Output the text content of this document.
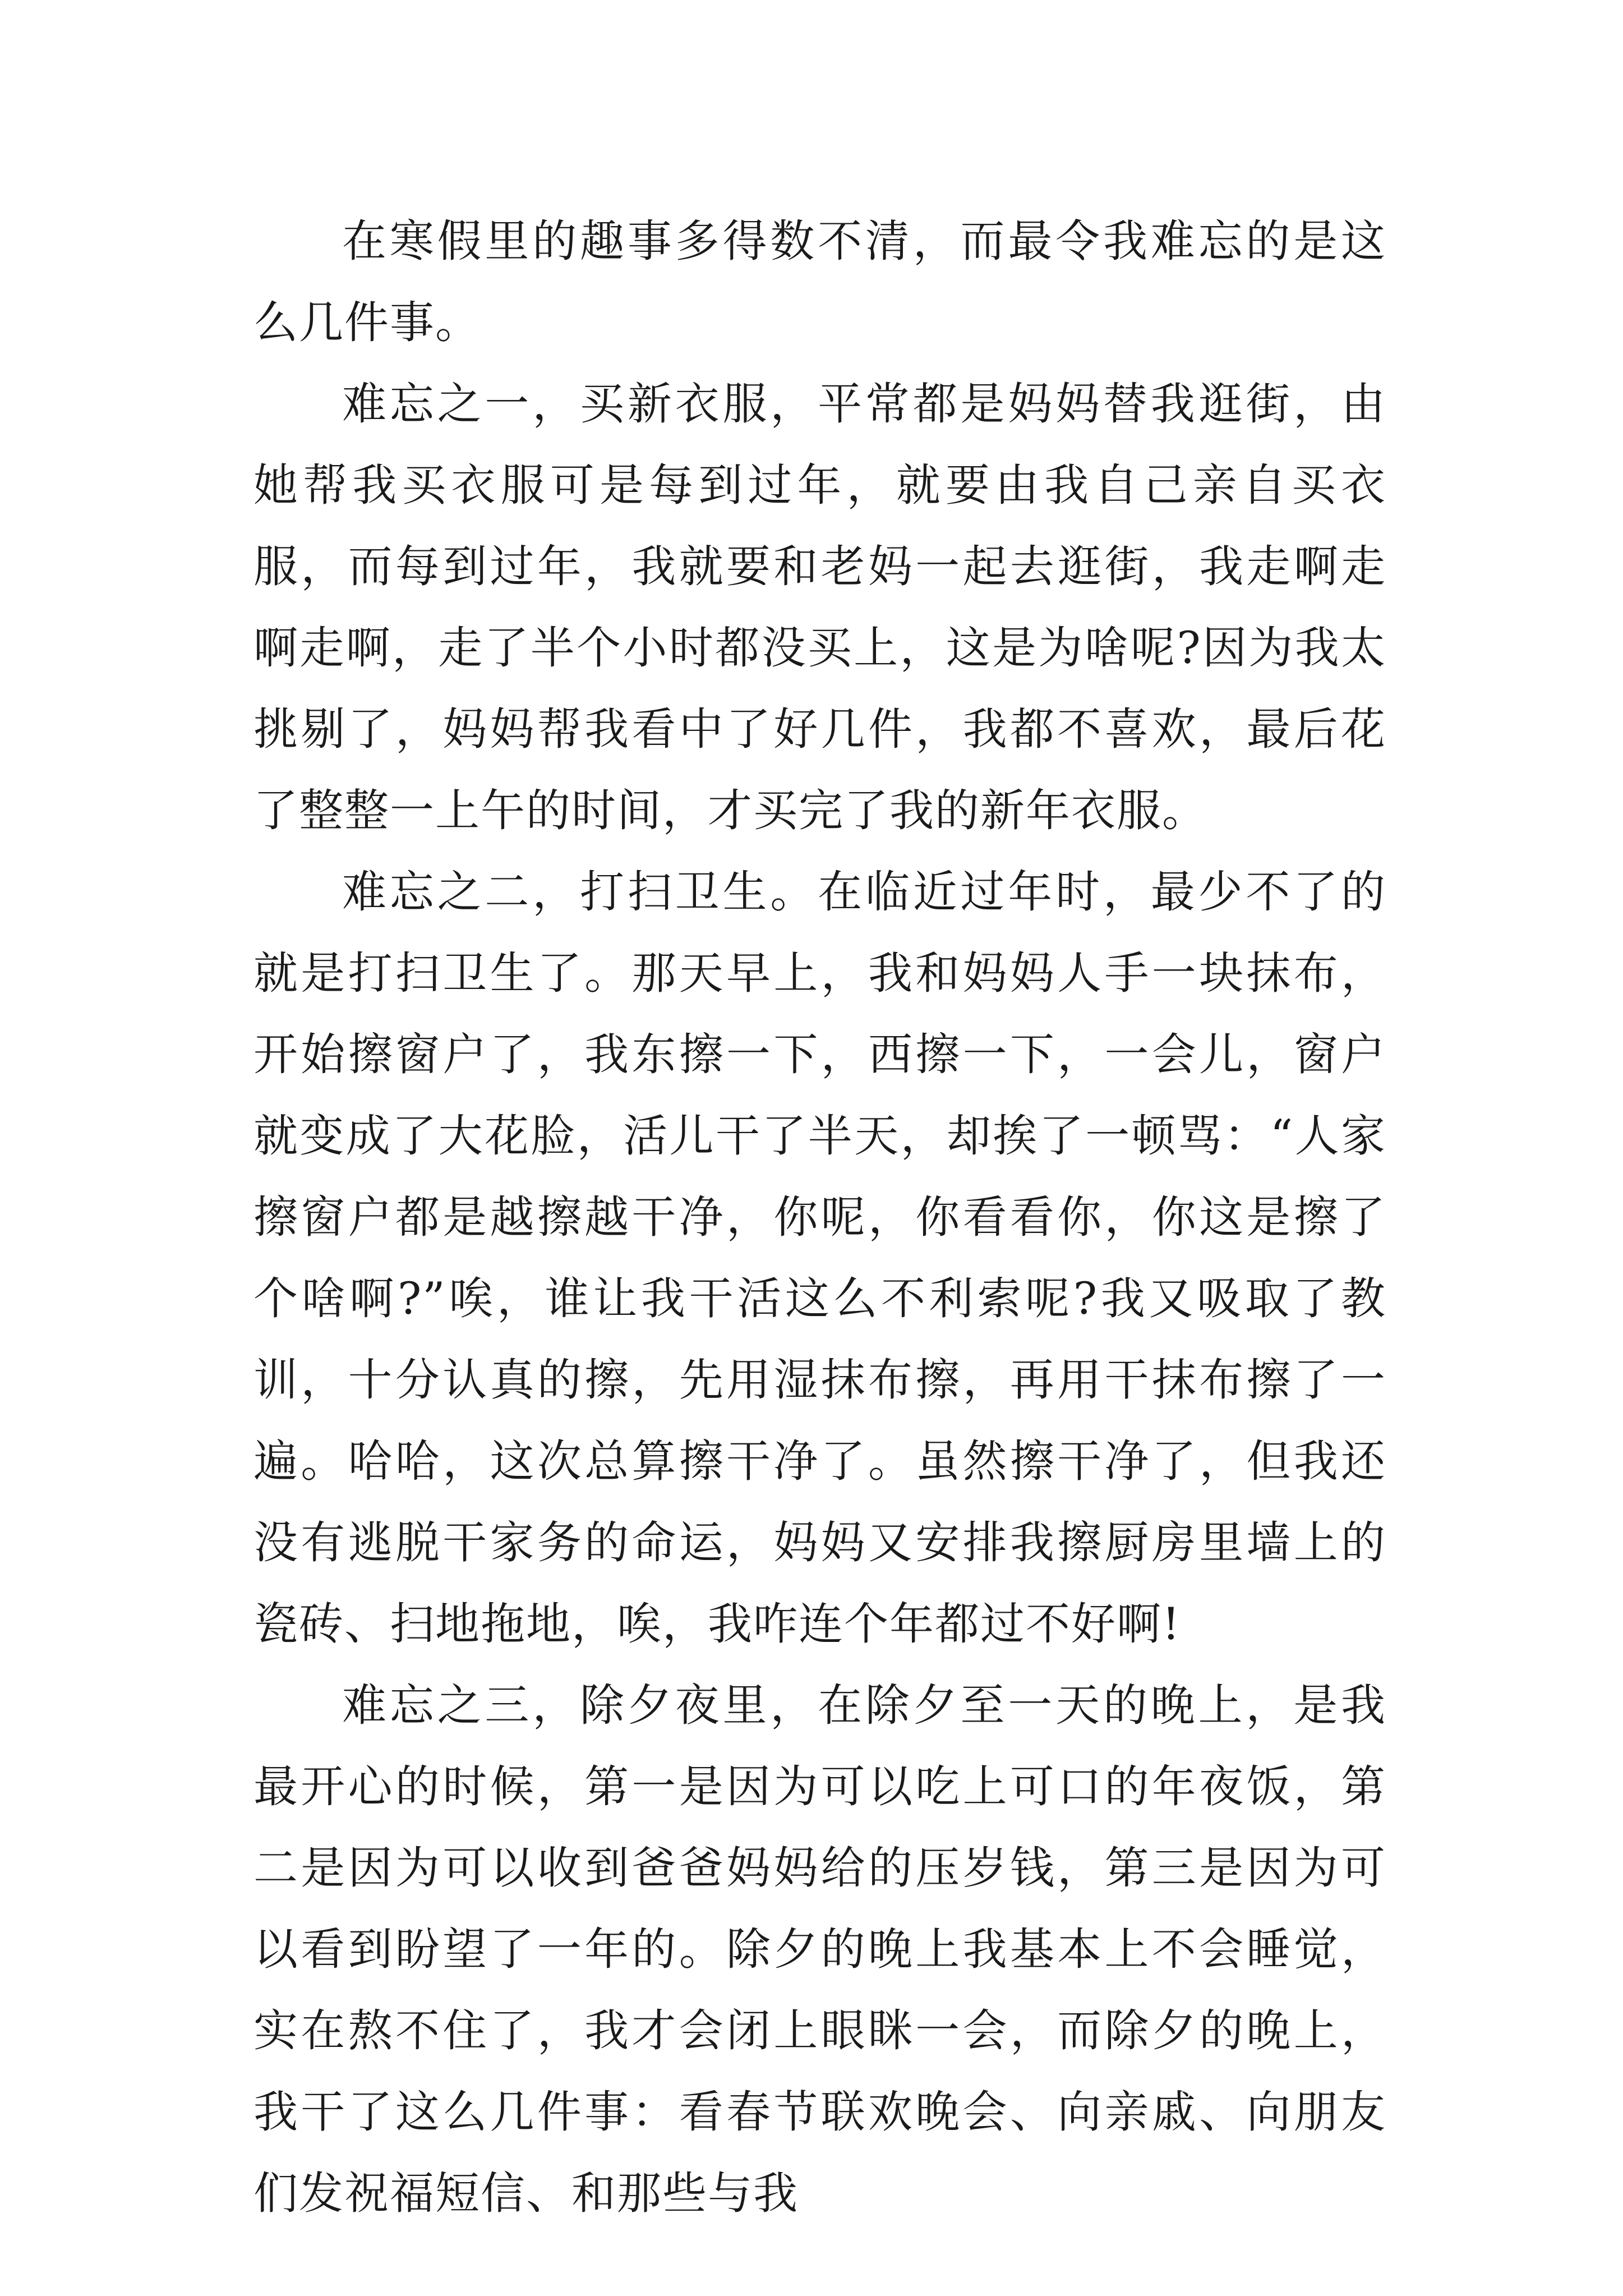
在寒假里的趣事多得数不清，而最令我难忘的是这么几件事。

难忘之一，买新衣服，平常都是妈妈替我逛街，由她帮我买衣服可是每到过年，就要由我自己亲自买衣服，而每到过年，我就要和老妈一起去逛街，我走啊走啊走啊，走了半个小时都没买上，这是为啥呢?因为我太挑剔了，妈妈帮我看中了好几件，我都不喜欢，最后花了整整一上午的时间，才买完了我的新年衣服。

难忘之二，打扫卫生。在临近过年时，最少不了的就是打扫卫生了。那天早上，我和妈妈人手一块抹布，开始擦窗户了，我东擦一下，西擦一下，一会儿，窗户就变成了大花脸，活儿干了半天，却挨了一顿骂：“人家擦窗户都是越擦越干净，你呢，你看看你，你这是擦了个啥啊?”唉，谁让我干活这么不利索呢?我又吸取了教训，十分认真的擦，先用湿抹布擦，再用干抹布擦了一遍。哈哈，这次总算擦干净了。虽然擦干净了，但我还没有逃脱干家务的命运，妈妈又安排我擦厨房里墙上的瓷砖、扫地拖地，唉，我咋连个年都过不好啊!

难忘之三，除夕夜里，在除夕至一天的晚上，是我最开心的时候，第一是因为可以吃上可口的年夜饭，第二是因为可以收到爸爸妈妈给的压岁钱，第三是因为可以看到盼望了一年的。除夕的晚上我基本上不会睡觉，实在熬不住了，我才会闭上眼眯一会，而除夕的晚上，我干了这么几件事：看春节联欢晚会、向亲戚、向朋友们发祝福短信、和那些与我
